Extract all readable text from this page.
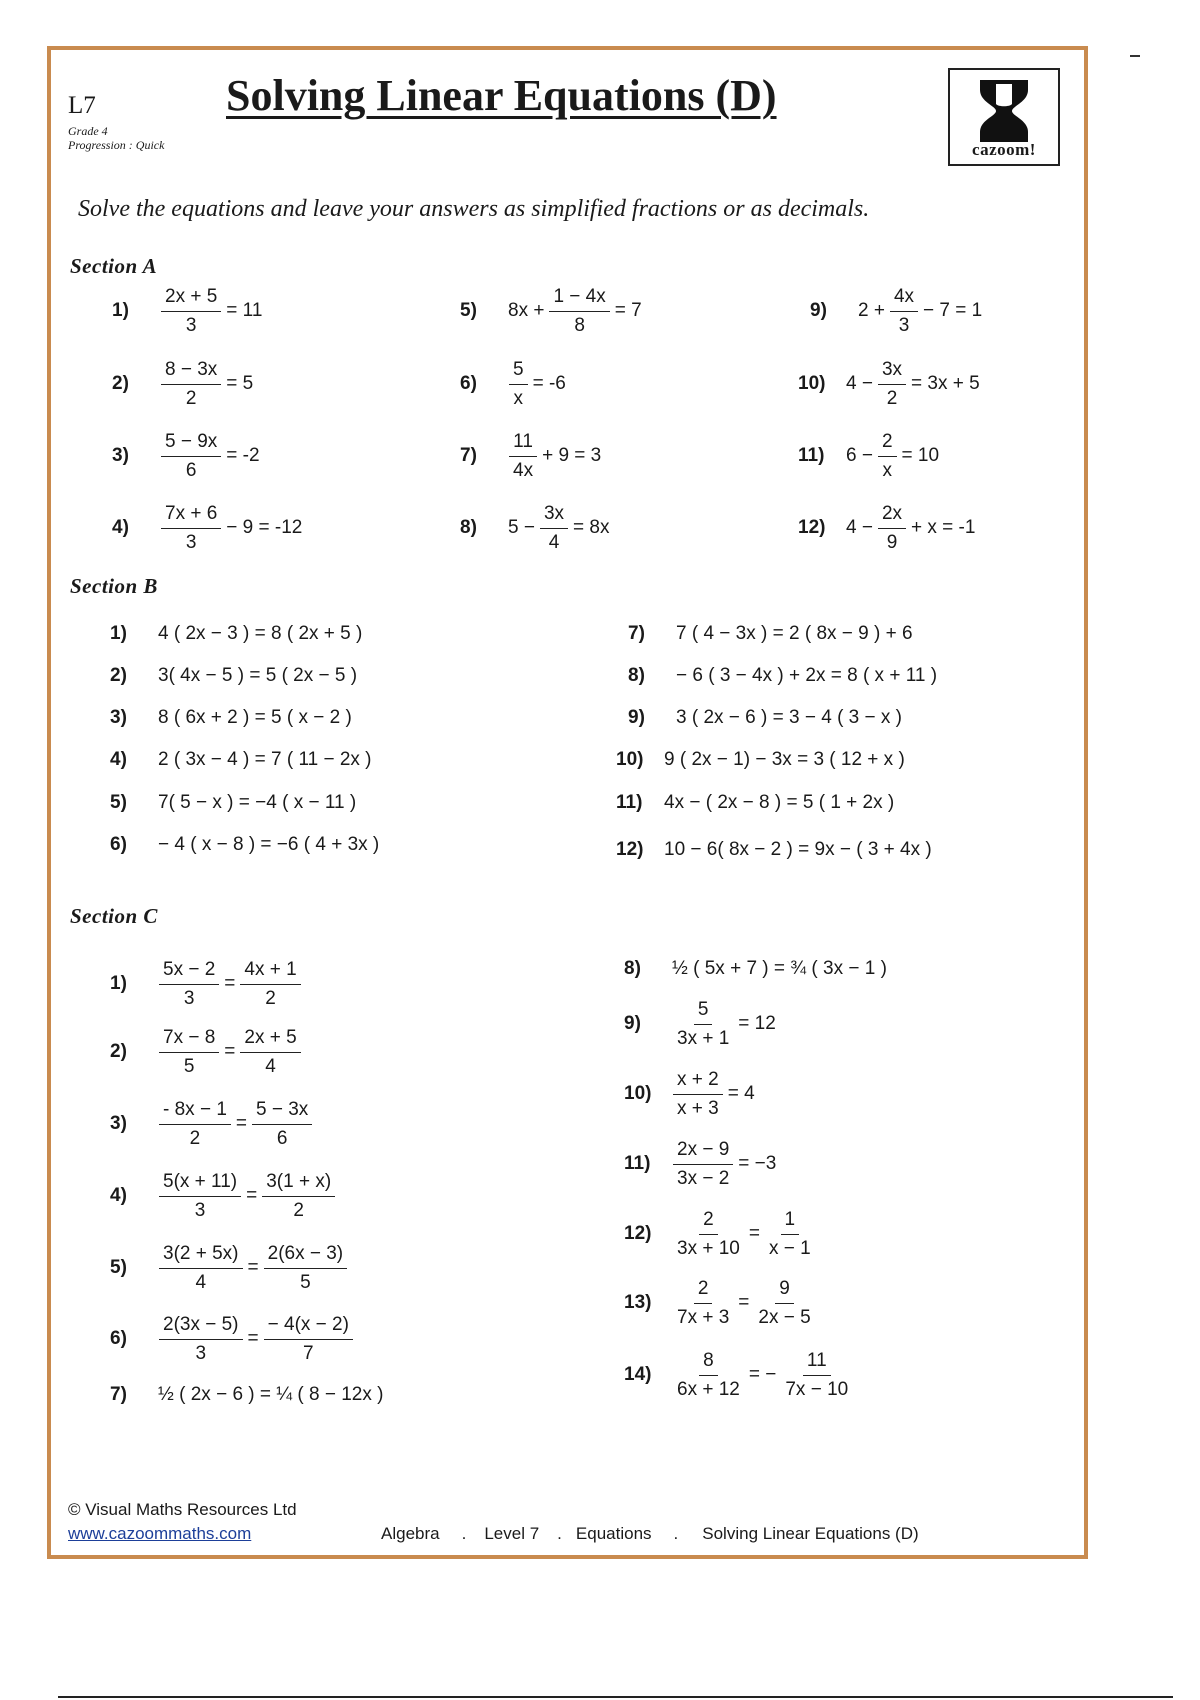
L7
Grade 4
Progression : Quick
Solving Linear Equations (D)
cazoom!
Solve the equations and leave your answers as simplified fractions or as decimals.
Section A
Section B
Section C
1)	$\frac{2x + 5}{3} = 11$
2)	$\frac{8 - 3x}{2} = 5$
3)	$\frac{5 - 9x}{6} = -2$
4)	$\frac{7x + 6}{3} - 9 = -12$
5)	$8x + \frac{1 - 4x}{8} = 7$
6)	$\frac{5}{x} = -6$
7)	$\frac{11}{4x} + 9 = 3$
8)	$5 - \frac{3x}{4} = 8x$
9)	$2 + \frac{4x}{3} - 7 = 1$
10)	$4 - \frac{3x}{2} = 3x + 5$
11)	$6 - \frac{2}{x} = 10$
12)	$4 - \frac{2x}{9} + x = -1$
1)	4 ( 2x − 3 ) = 8 ( 2x + 5 )
2)	3( 4x − 5 ) = 5 ( 2x − 5 )
3)	8 ( 6x + 2 ) = 5 ( x − 2 )
4)	2 ( 3x − 4 ) = 7 ( 11 − 2x )
5)	7( 5 − x ) = −4 ( x − 11 )
6)	− 4 ( x − 8 ) = −6 ( 4 + 3x )
7)	7 ( 4 − 3x ) = 2 ( 8x − 9 ) + 6
8)	− 6 ( 3 − 4x ) + 2x = 8 ( x + 11 )
9)	3 ( 2x − 6 ) = 3 − 4 ( 3 − x )
10)	9 ( 2x − 1) − 3x = 3 ( 12 + x )
11)	4x − ( 2x − 8 ) = 5 ( 1 + 2x )
12)	10 − 6( 8x − 2 ) = 9x − ( 3 + 4x )
1)	$\frac{5x - 2}{3} = \frac{4x + 1}{2}$
2)	$\frac{7x - 8}{5} = \frac{2x + 5}{4}$
3)	$\frac{- 8x - 1}{2} = \frac{5 - 3x}{6}$
4)	$\frac{5(x + 11)}{3} = \frac{3(1 + x)}{2}$
5)	$\frac{3(2 + 5x)}{4} = \frac{2(6x - 3)}{5}$
6)	$\frac{2(3x - 5)}{3} = \frac{- 4(x - 2)}{7}$
7)	½ ( 2x − 6 ) = ¼ ( 8 − 12x )
8)	½ ( 5x + 7 ) = ¾ ( 3x − 1 )
9)	$\frac{5}{3x + 1} = 12$
10)	$\frac{x + 2}{x + 3} = 4$
11)	$\frac{2x - 9}{3x - 2} = -3$
12)	$\frac{2}{3x + 10} = \frac{1}{x - 1}$
13)	$\frac{2}{7x + 3} = \frac{9}{2x - 5}$
14)	$\frac{8}{6x + 12}$ = − $\frac{11}{7x - 10}$
© Visual Maths Resources Ltd
www.cazoommaths.com	Algebra . Level 7 . Equations . Solving Linear Equations (D)
